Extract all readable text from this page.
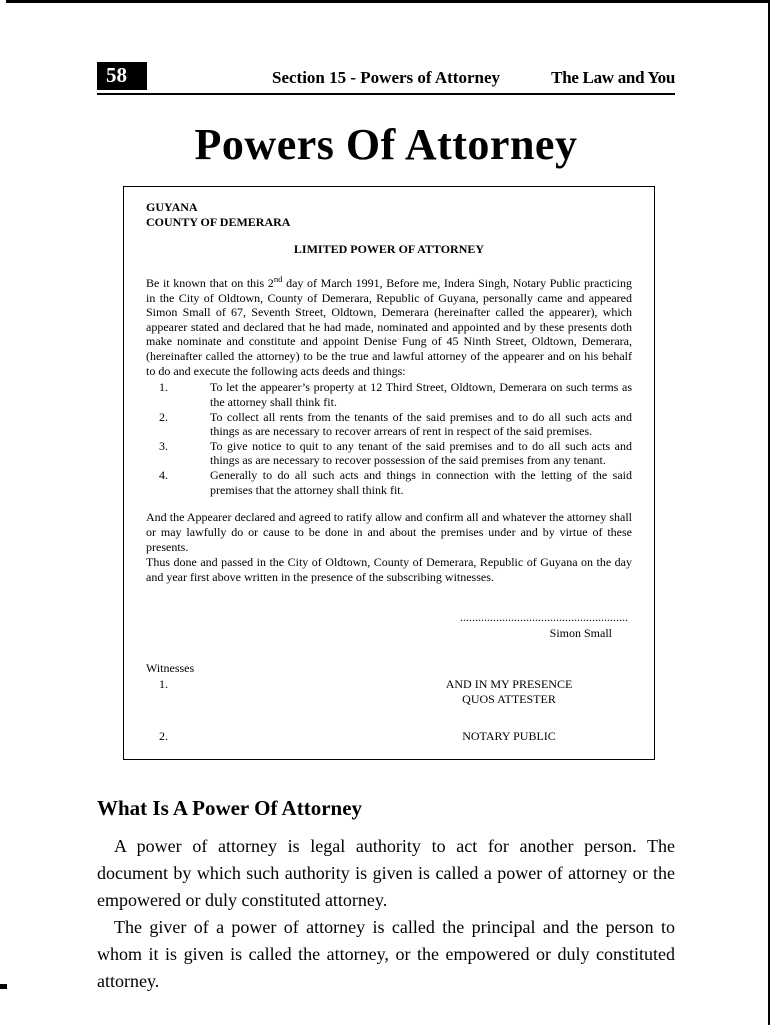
58	Section 15 - Powers of Attorney	The Law and You
Powers Of Attorney
GUYANA
COUNTY OF DEMERARA
LIMITED POWER OF ATTORNEY

Be it known that on this 2nd day of March 1991, Before me, Indera Singh, Notary Public practicing in the City of Oldtown, County of Demerara, Republic of Guyana, personally came and appeared Simon Small of 67, Seventh Street, Oldtown, Demerara (hereinafter called the appearer), which appearer stated and declared that he had made, nominated and appointed and by these presents doth make nominate and constitute and appoint Denise Fung of 45 Ninth Street, Oldtown, Demerara, (hereinafter called the attorney) to be the true and lawful attorney of the appearer and on his behalf to do and execute the following acts deeds and things:

1.	To let the appearer’s property at 12 Third Street, Oldtown, Demerara on such terms as the attorney shall think fit.
2.	To collect all rents from the tenants of the said premises and to do all such acts and things as are necessary to recover arrears of rent in respect of the said premises.
3.	To give notice to quit to any tenant of the said premises and to do all such acts and things as are necessary to recover possession of the said premises from any tenant.
4.	Generally to do all such acts and things in connection with the letting of the said premises that the attorney shall think fit.

And the Appearer declared and agreed to ratify allow and confirm all and whatever the attorney shall or may lawfully do or cause to be done in and about the premises under and by virtue of these presents.

Thus done and passed in the City of Oldtown, County of Demerara, Republic of Guyana on the day and year first above written in the presence of the subscribing witnesses.

........................................................
Simon Small
Witnesses
1.	AND IN MY PRESENCE
QUOS ATTESTER
2.	NOTARY PUBLIC
What Is A Power Of Attorney

A power of attorney is legal authority to act for another person. The document by which such authority is given is called a power of attorney or the empowered or duly constituted attorney.

The giver of a power of attorney is called the principal and the person to whom it is given is called the attorney, or the empowered or duly constituted attorney.
